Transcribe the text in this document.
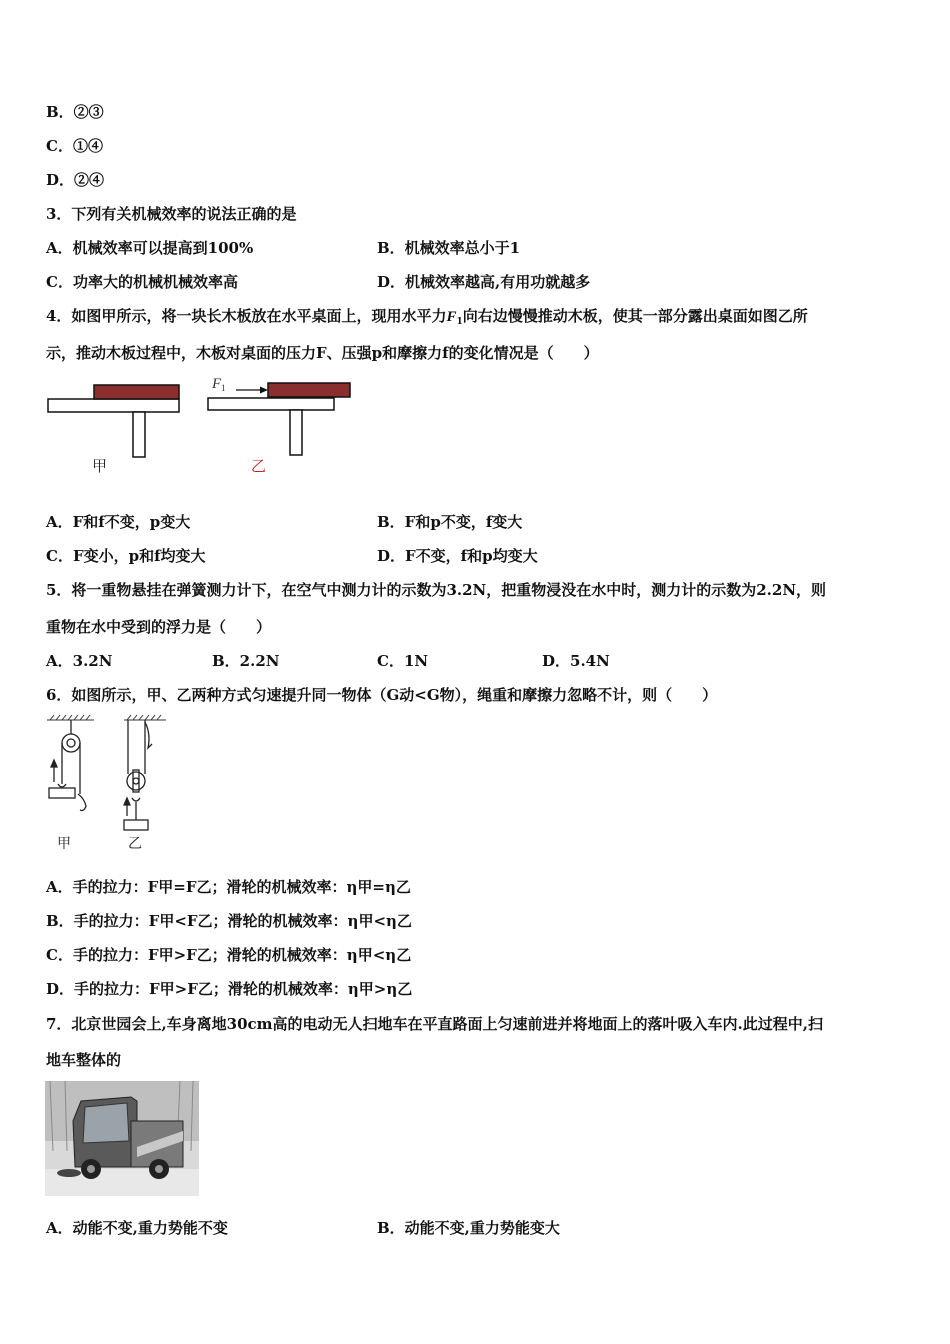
B．②③
C．①④
D．②④
3．下列有关机械效率的说法正确的是
A．机械效率可以提高到100%	B．机械效率总小于1
C．功率大的机械机械效率高	D．机械效率越高,有用功就越多
4．如图甲所示，将一块长木板放在水平桌面上，现用水平力$F_1$向右边慢慢推动木板，使其一部分露出桌面如图乙所
示，推动木板过程中，木板对桌面的压力F、压强p和摩擦力f的变化情况是（　　）
F 1
甲	乙
A．F和f不变，p变大	B．F和p不变，f变大
C．F变小，p和f均变大	D．F不变，f和p均变大
5．将一重物悬挂在弹簧测力计下，在空气中测力计的示数为3.2N，把重物浸没在水中时，测力计的示数为2.2N，则
重物在水中受到的浮力是（　　）
A．3.2N	B．2.2N	C．1N	D．5.4N
6．如图所示，甲、乙两种方式匀速提升同一物体（G动<G物），绳重和摩擦力忽略不计，则（　　）
甲	乙
A．手的拉力：F甲=F乙；滑轮的机械效率：η甲=η乙
B．手的拉力：F甲<F乙；滑轮的机械效率：η甲<η乙
C．手的拉力：F甲>F乙；滑轮的机械效率：η甲<η乙
D．手的拉力：F甲>F乙；滑轮的机械效率：η甲>η乙
7．北京世园会上,车身离地30cm高的电动无人扫地车在平直路面上匀速前进并将地面上的落叶吸入车内.此过程中,扫
地车整体的
A．动能不变,重力势能不变	B．动能不变,重力势能变大
